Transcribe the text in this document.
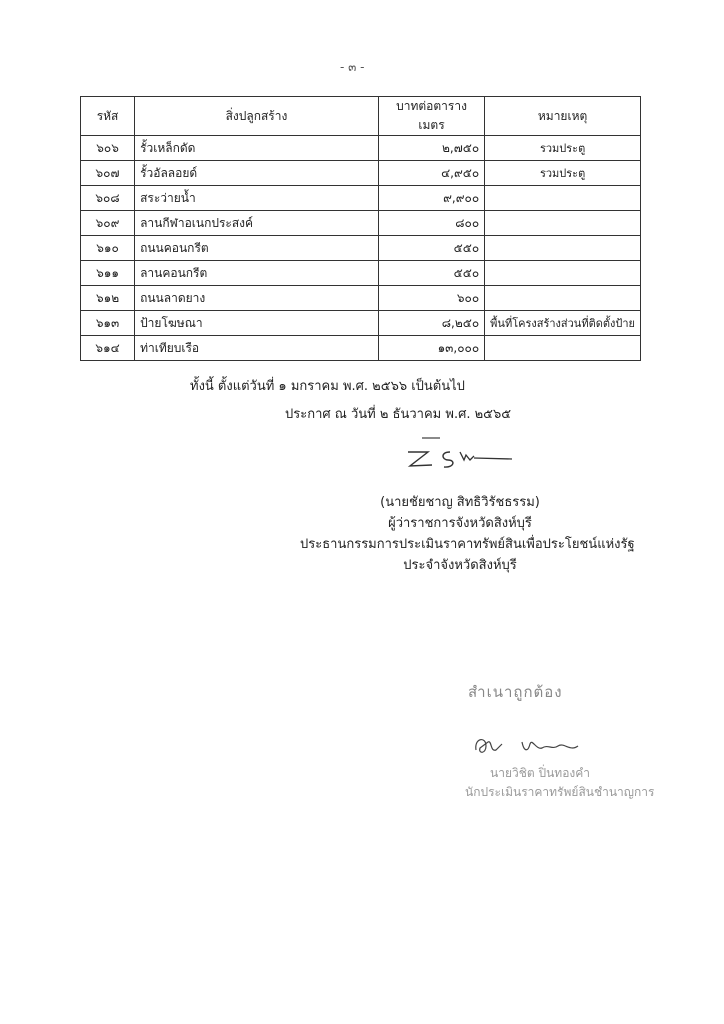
- ๓ -
รหัส	สิ่งปลูกสร้าง	บาทต่อตารางเมตร	หมายเหตุ
๖๐๖	รั้วเหล็กดัด	๒,๗๕๐	รวมประตู
๖๐๗	รั้วอัลลอยด์	๔,๙๕๐	รวมประตู
๖๐๘	สระว่ายน้ำ	๙,๙๐๐	
๖๐๙	ลานกีฬาอเนกประสงค์	๘๐๐	
๖๑๐	ถนนคอนกรีต	๕๕๐	
๖๑๑	ลานคอนกรีต	๕๕๐	
๖๑๒	ถนนลาดยาง	๖๐๐	
๖๑๓	ป้ายโฆษณา	๘,๒๕๐	พื้นที่โครงสร้างส่วนที่ติดตั้งป้าย
๖๑๔	ท่าเทียบเรือ	๑๓,๐๐๐	
ทั้งนี้ ตั้งแต่วันที่ ๑ มกราคม พ.ศ. ๒๕๖๖ เป็นต้นไป
ประกาศ ณ วันที่ ๒ ธันวาคม พ.ศ. ๒๕๖๕
(นายชัยชาญ สิทธิวิรัชธรรม)
ผู้ว่าราชการจังหวัดสิงห์บุรี
ประธานกรรมการประเมินราคาทรัพย์สินเพื่อประโยชน์แห่งรัฐ
ประจำจังหวัดสิงห์บุรี
สำเนาถูกต้อง
นายวิชิต ปิ่นทองคำ
นักประเมินราคาทรัพย์สินชำนาญการ
